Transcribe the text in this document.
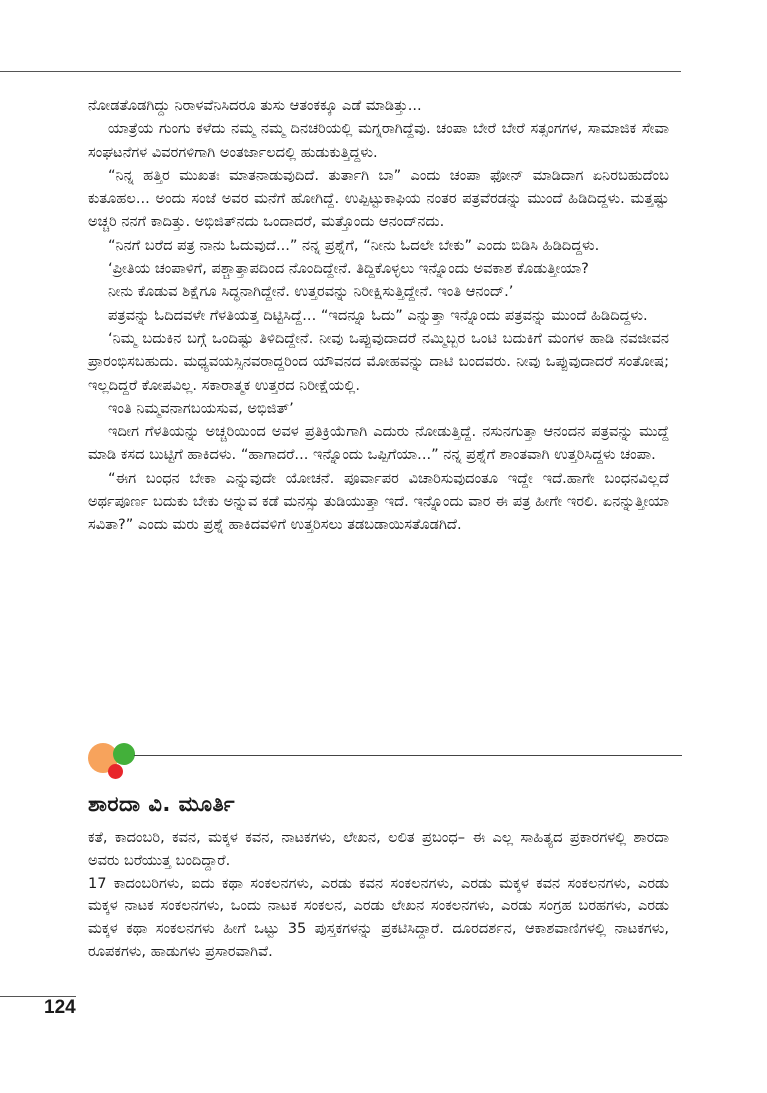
ನೋಡತೊಡಗಿದ್ದು ನಿರಾಳವೆನಿಸಿದರೂ ತುಸು ಆತಂಕಕ್ಕೂ ಎಡೆ ಮಾಡಿತ್ತು...

ಯಾತ್ರೆಯ ಗುಂಗು ಕಳೆದು ನಮ್ಮ ನಮ್ಮ ದಿನಚರಿಯಲ್ಲಿ ಮಗ್ನರಾಗಿದ್ದೆವು. ಚಂಪಾ ಬೇರೆ ಬೇರೆ ಸತ್ಸಂಗಗಳ, ಸಾಮಾಜಿಕ ಸೇವಾ ಸಂಘಟನೆಗಳ ವಿವರಗಳಿಗಾಗಿ ಅಂತರ್ಜಾಲದಲ್ಲಿ ಹುಡುಕುತ್ತಿದ್ದಳು.

“ನಿನ್ನ ಹತ್ತಿರ ಮುಖತಃ ಮಾತನಾಡುವುದಿದೆ. ತುರ್ತಾಗಿ ಬಾ” ಎಂದು ಚಂಪಾ ಫೋನ್ ಮಾಡಿದಾಗ ಏನಿರಬಹುದೆಂಬ ಕುತೂಹಲ... ಅಂದು ಸಂಜೆ ಅವರ ಮನೆಗೆ ಹೋಗಿದ್ದೆ. ಉಪ್ಪಿಟ್ಟುಕಾಫಿಯ ನಂತರ ಪತ್ರವೆರಡನ್ನು ಮುಂದೆ ಹಿಡಿದಿದ್ದಳು. ಮತ್ತಷ್ಟು ಅಚ್ಚರಿ ನನಗೆ ಕಾದಿತ್ತು. ಅಭಿಜಿತ್‌ನದು ಒಂದಾದರೆ, ಮತ್ತೊಂದು ಆನಂದ್‌ನದು.

“ನಿನಗೆ ಬರೆದ ಪತ್ರ ನಾನು ಓದುವುದೆ...” ನನ್ನ ಪ್ರಶ್ನೆಗೆ, “ನೀನು ಓದಲೇ ಬೇಕು” ಎಂದು ಬಿಡಿಸಿ ಹಿಡಿದಿದ್ದಳು.

‘ಪ್ರೀತಿಯ ಚಂಪಾಳಿಗೆ, ಪಶ್ಚಾತ್ತಾಪದಿಂದ ನೊಂದಿದ್ದೇನೆ. ತಿದ್ದಿಕೊಳ್ಳಲು ಇನ್ನೊಂದು ಅವಕಾಶ ಕೊಡುತ್ತೀಯಾ?

ನೀನು ಕೊಡುವ ಶಿಕ್ಷೆಗೂ ಸಿದ್ಧನಾಗಿದ್ದೇನೆ. ಉತ್ತರವನ್ನು ನಿರೀಕ್ಷಿಸುತ್ತಿದ್ದೇನೆ. ಇಂತಿ ಆನಂದ್.’

ಪತ್ರವನ್ನು ಓದಿದವಳೇ ಗೆಳತಿಯತ್ತ ದಿಟ್ಟಿಸಿದ್ದೆ... “ಇದನ್ನೂ ಓದು” ಎನ್ನುತ್ತಾ ಇನ್ನೊಂದು ಪತ್ರವನ್ನು ಮುಂದೆ ಹಿಡಿದಿದ್ದಳು.

‘ನಿಮ್ಮ ಬದುಕಿನ ಬಗ್ಗೆ ಒಂದಿಷ್ಟು ತಿಳಿದಿದ್ದೇನೆ. ನೀವು ಒಪ್ಪುವುದಾದರೆ ನಮ್ಮಿಬ್ಬರ ಒಂಟಿ ಬದುಕಿಗೆ ಮಂಗಳ ಹಾಡಿ ನವಜೀವನ ಪ್ರಾರಂಭಿಸಬಹುದು. ಮಧ್ಯವಯಸ್ಸಿನವರಾದ್ದರಿಂದ ಯೌವನದ ಮೋಹವನ್ನು ದಾಟಿ ಬಂದವರು. ನೀವು ಒಪ್ಪುವುದಾದರೆ ಸಂತೋಷ; ಇಲ್ಲದಿದ್ದರೆ ಕೋಪವಿಲ್ಲ. ಸಕಾರಾತ್ಮಕ ಉತ್ತರದ ನಿರೀಕ್ಷೆಯಲ್ಲಿ.

ಇಂತಿ ನಿಮ್ಮವನಾಗಬಯಸುವ, ಅಭಿಜಿತ್’

ಇದೀಗ ಗೆಳತಿಯನ್ನು ಅಚ್ಚರಿಯಿಂದ ಅವಳ ಪ್ರತಿಕ್ರಿಯೆಗಾಗಿ ಎದುರು ನೋಡುತ್ತಿದ್ದೆ. ನಸುನಗುತ್ತಾ ಆನಂದನ ಪತ್ರವನ್ನು ಮುದ್ದೆ ಮಾಡಿ ಕಸದ ಬುಟ್ಟಿಗೆ ಹಾಕಿದಳು. “ಹಾಗಾದರೆ... ಇನ್ನೊಂದು ಒಪ್ಪಿಗೆಯಾ...” ನನ್ನ ಪ್ರಶ್ನೆಗೆ ಶಾಂತವಾಗಿ ಉತ್ತರಿಸಿದ್ದಳು ಚಂಪಾ.

“ಈಗ ಬಂಧನ ಬೇಕಾ ಎನ್ನುವುದೇ ಯೋಚನೆ. ಪೂರ್ವಾಪರ ವಿಚಾರಿಸುವುದಂತೂ ಇದ್ದೇ ಇದೆ.ಹಾಗೇ ಬಂಧನವಿಲ್ಲದೆ ಅರ್ಥಪೂರ್ಣ ಬದುಕು ಬೇಕು ಅನ್ನುವ ಕಡೆ ಮನಸ್ಸು ತುಡಿಯುತ್ತಾ ಇದೆ. ಇನ್ನೊಂದು ವಾರ ಈ ಪತ್ರ ಹೀಗೇ ಇರಲಿ. ಏನನ್ನುತ್ತೀಯಾ ಸವಿತಾ?” ಎಂದು ಮರು ಪ್ರಶ್ನೆ ಹಾಕಿದವಳಿಗೆ ಉತ್ತರಿಸಲು ತಡಬಡಾಯಿಸತೊಡಗಿದೆ.

ಶಾರದಾ ವಿ. ಮೂರ್ತಿ

ಕತೆ, ಕಾದಂಬರಿ, ಕವನ, ಮಕ್ಕಳ ಕವನ, ನಾಟಕಗಳು, ಲೇಖನ, ಲಲಿತ ಪ್ರಬಂಧ– ಈ ಎಲ್ಲ ಸಾಹಿತ್ಯದ ಪ್ರಕಾರಗಳಲ್ಲಿ ಶಾರದಾ ಅವರು ಬರೆಯುತ್ತ ಬಂದಿದ್ದಾರೆ.

17 ಕಾದಂಬರಿಗಳು, ಐದು ಕಥಾ ಸಂಕಲನಗಳು, ಎರಡು ಕವನ ಸಂಕಲನಗಳು, ಎರಡು ಮಕ್ಕಳ ಕವನ ಸಂಕಲನಗಳು, ಎರಡು ಮಕ್ಕಳ ನಾಟಕ ಸಂಕಲನಗಳು, ಒಂದು ನಾಟಕ ಸಂಕಲನ, ಎರಡು ಲೇಖನ ಸಂಕಲನಗಳು, ಎರಡು ಸಂಗ್ರಹ ಬರಹಗಳು, ಎರಡು ಮಕ್ಕಳ ಕಥಾ ಸಂಕಲನಗಳು ಹೀಗೆ ಒಟ್ಟು 35 ಪುಸ್ತಕಗಳನ್ನು ಪ್ರಕಟಿಸಿದ್ದಾರೆ. ದೂರದರ್ಶನ, ಆಕಾಶವಾಣಿಗಳಲ್ಲಿ ನಾಟಕಗಳು, ರೂಪಕಗಳು, ಹಾಡುಗಳು ಪ್ರಸಾರವಾಗಿವೆ.

124
